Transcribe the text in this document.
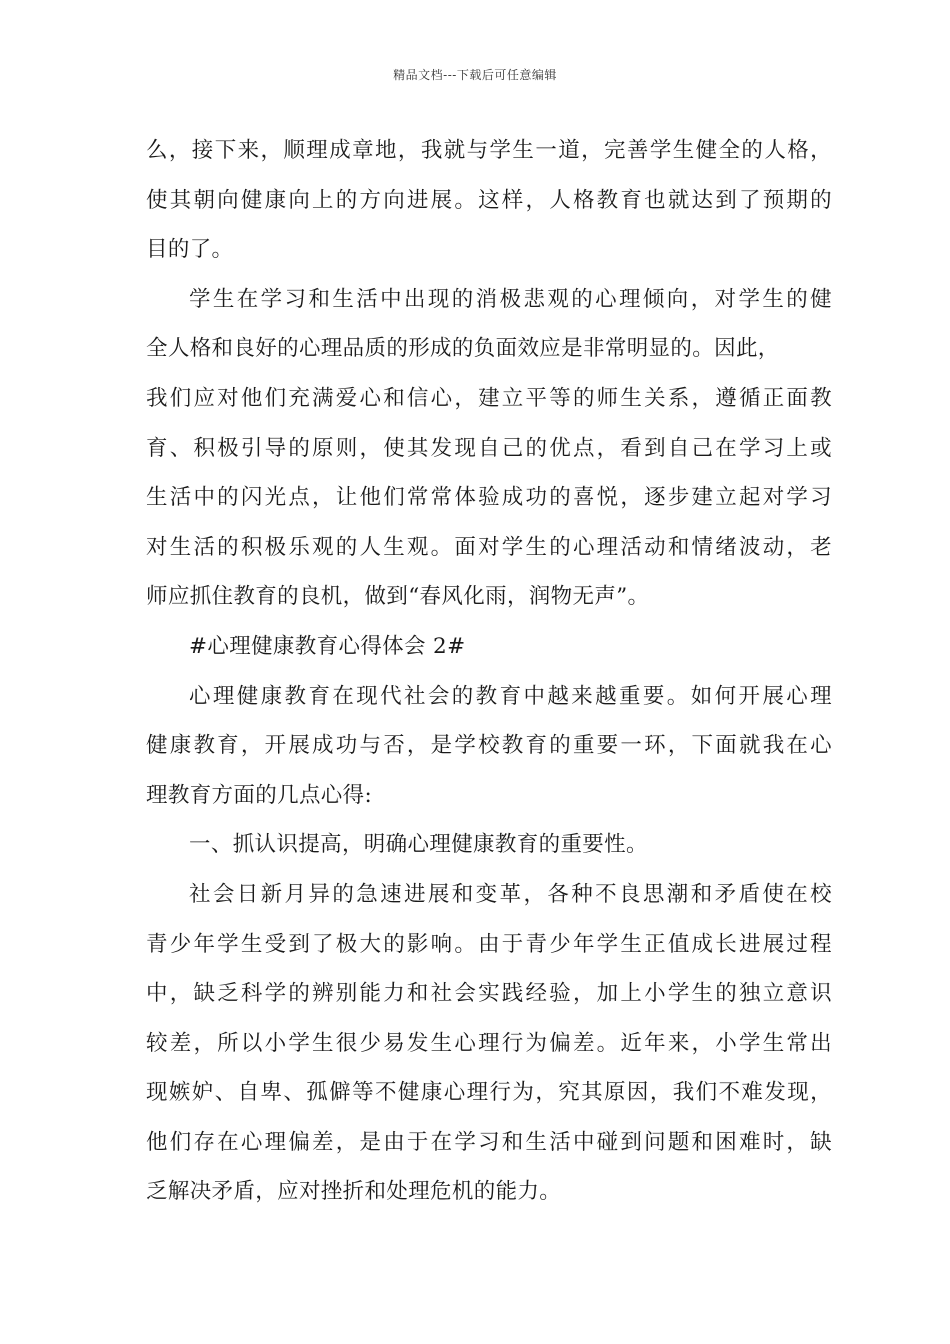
精品文档---下载后可任意编辑
么，接下来，顺理成章地，我就与学生一道，完善学生健全的人格，
使其朝向健康向上的方向进展。这样，人格教育也就达到了预期的
目的了。
学生在学习和生活中出现的消极悲观的心理倾向，对学生的健
全人格和良好的心理品质的形成的负面效应是非常明显的。因此，
我们应对他们充满爱心和信心，建立平等的师生关系，遵循正面教
育、积极引导的原则，使其发现自己的优点，看到自己在学习上或
生活中的闪光点，让他们常常体验成功的喜悦，逐步建立起对学习
对生活的积极乐观的人生观。面对学生的心理活动和情绪波动，老
师应抓住教育的良机，做到“春风化雨，润物无声”。
#心理健康教育心得体会 2#
心理健康教育在现代社会的教育中越来越重要。如何开展心理
健康教育，开展成功与否，是学校教育的重要一环，下面就我在心
理教育方面的几点心得:
一、抓认识提高，明确心理健康教育的重要性。
社会日新月异的急速进展和变革，各种不良思潮和矛盾使在校
青少年学生受到了极大的影响。由于青少年学生正值成长进展过程
中，缺乏科学的辨别能力和社会实践经验，加上小学生的独立意识
较差，所以小学生很少易发生心理行为偏差。近年来，小学生常出
现嫉妒、自卑、孤僻等不健康心理行为，究其原因，我们不难发现，
他们存在心理偏差，是由于在学习和生活中碰到问题和困难时，缺
乏解决矛盾，应对挫折和处理危机的能力。
